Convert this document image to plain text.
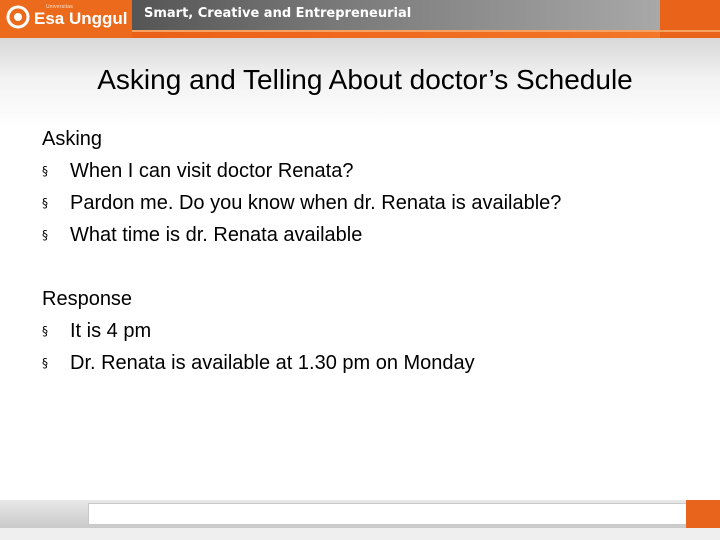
Universitas
Esa Unggul Smart, Creative and Entrepreneurial
Asking and Telling About doctor’s Schedule
Asking
§	When I can visit doctor Renata?
§	Pardon me. Do you know when dr. Renata is available?
§	What time is dr. Renata available
Response
§	It is 4 pm
§	Dr. Renata is available at 1.30 pm on Monday
